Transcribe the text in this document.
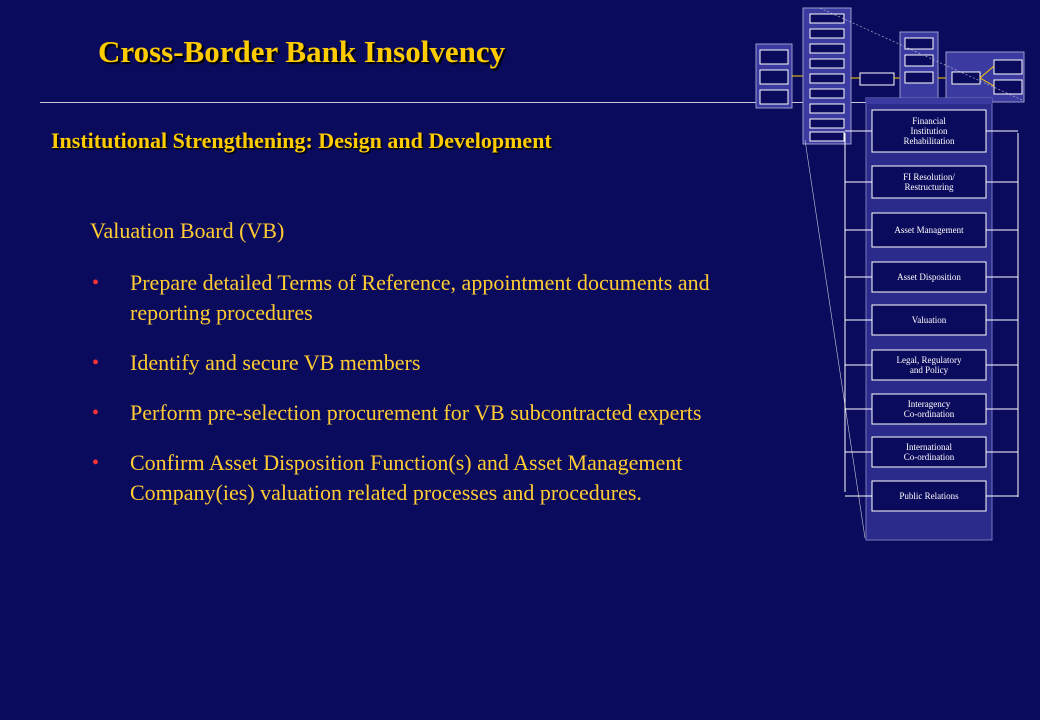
Cross-Border Bank Insolvency
Institutional Strengthening: Design and Development
Valuation Board (VB)
• Prepare detailed Terms of Reference, appointment documents and reporting procedures
• Identify and secure VB members
• Perform pre-selection procurement for VB subcontracted experts
• Confirm Asset Disposition Function(s) and Asset Management Company(ies) valuation related processes and procedures.
Financial Institution Rehabilitation
FI Resolution/ Restructuring
Asset Management
Asset Disposition
Valuation
Legal, Regulatory and Policy
Interagency Co-ordination
International Co-ordination
Public Relations
